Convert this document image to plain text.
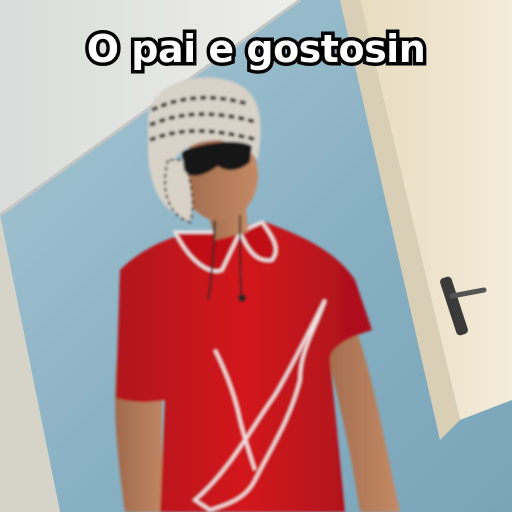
O pai e gostosin
